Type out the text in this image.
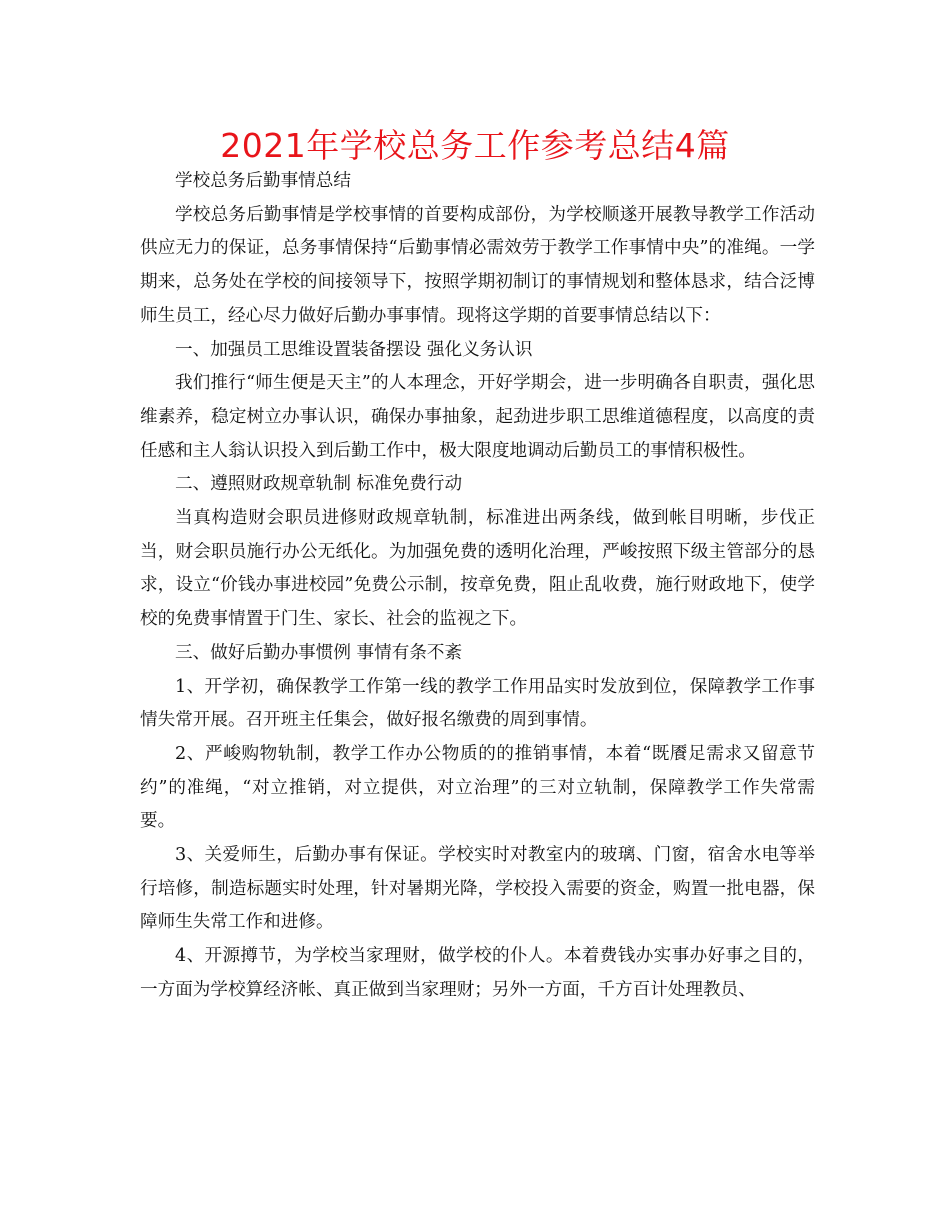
2021年学校总务工作参考总结4篇

学校总务后勤事情总结

学校总务后勤事情是学校事情的首要构成部份，为学校顺遂开展教导教学工作活动供应无力的保证，总务事情保持“后勤事情必需效劳于教学工作事情中央”的准绳。一学期来，总务处在学校的间接领导下，按照学期初制订的事情规划和整体恳求，结合泛博师生员工，经心尽力做好后勤办事事情。现将这学期的首要事情总结以下：

一、加强员工思维设置装备摆设 强化义务认识

我们推行“师生便是天主”的人本理念，开好学期会，进一步明确各自职责，强化思维素养，稳定树立办事认识，确保办事抽象，起劲进步职工思维道德程度，以高度的责任感和主人翁认识投入到后勤工作中，极大限度地调动后勤员工的事情积极性。

二、遵照财政规章轨制 标准免费行动

当真构造财会职员进修财政规章轨制，标准进出两条线，做到帐目明晰，步伐正当，财会职员施行办公无纸化。为加强免费的透明化治理，严峻按照下级主管部分的恳求，设立“价钱办事进校园”免费公示制，按章免费，阻止乱收费，施行财政地下，使学校的免费事情置于门生、家长、社会的监视之下。

三、做好后勤办事惯例 事情有条不紊

1、开学初，确保教学工作第一线的教学工作用品实时发放到位，保障教学工作事情失常开展。召开班主任集会，做好报名缴费的周到事情。

2、严峻购物轨制，教学工作办公物质的的推销事情，本着“既餍足需求又留意节约”的准绳，“对立推销，对立提供，对立治理”的三对立轨制，保障教学工作失常需要。

3、关爱师生，后勤办事有保证。学校实时对教室内的玻璃、门窗，宿舍水电等举行培修，制造标题实时处理，针对暑期光降，学校投入需要的资金，购置一批电器，保障师生失常工作和进修。

4、开源撙节，为学校当家理财，做学校的仆人。本着费钱办实事办好事之目的，一方面为学校算经济帐、真正做到当家理财；另外一方面，千方百计处理教员、
